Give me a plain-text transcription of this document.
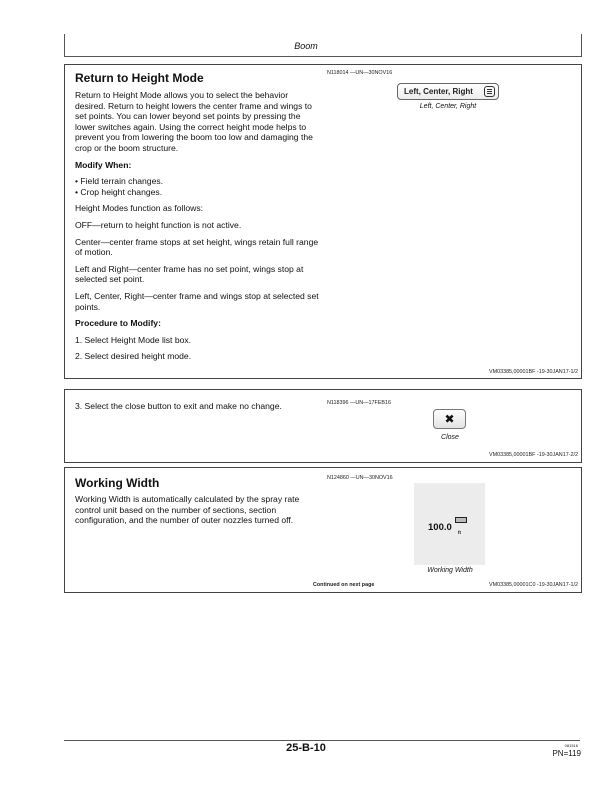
Boom
Return to Height Mode	N118014 —UN—30NOV16
Left, Center, Right
Left, Center, Right

Return to Height Mode allows you to select the behavior desired. Return to height lowers the center frame and wings to set points. You can lower beyond set points by pressing the lower switches again. Using the correct height mode helps to prevent you from lowering the boom too low and damaging the crop or the boom structure.

Modify When:

• Field terrain changes.

• Crop height changes.

Height Modes function as follows:

OFF—return to height function is not active.

Center—center frame stops at set height, wings retain full range of motion.

Left and Right—center frame has no set point, wings stop at selected set point.

Left, Center, Right—center frame and wings stop at selected set points.

Procedure to Modify:

1. Select Height Mode list box.

2. Select desired height mode.

VM03385,00001BF -19-30JAN17-1/2
3. Select the close button to exit and make no change.	N118396 —UN—17FEB16
✖
Close
VM03385,00001BF -19-30JAN17-2/2
Working Width	N124860 —UN—30NOV16
Working Width is automatically calculated by the spray rate control unit based on the number of sections, section configuration, and the number of outer nozzles turned off.
100.0 ft
Working Width
Continued on next page	VM03385,00001C0 -19-30JAN17-1/2
25-B-10	081516
PN=119
